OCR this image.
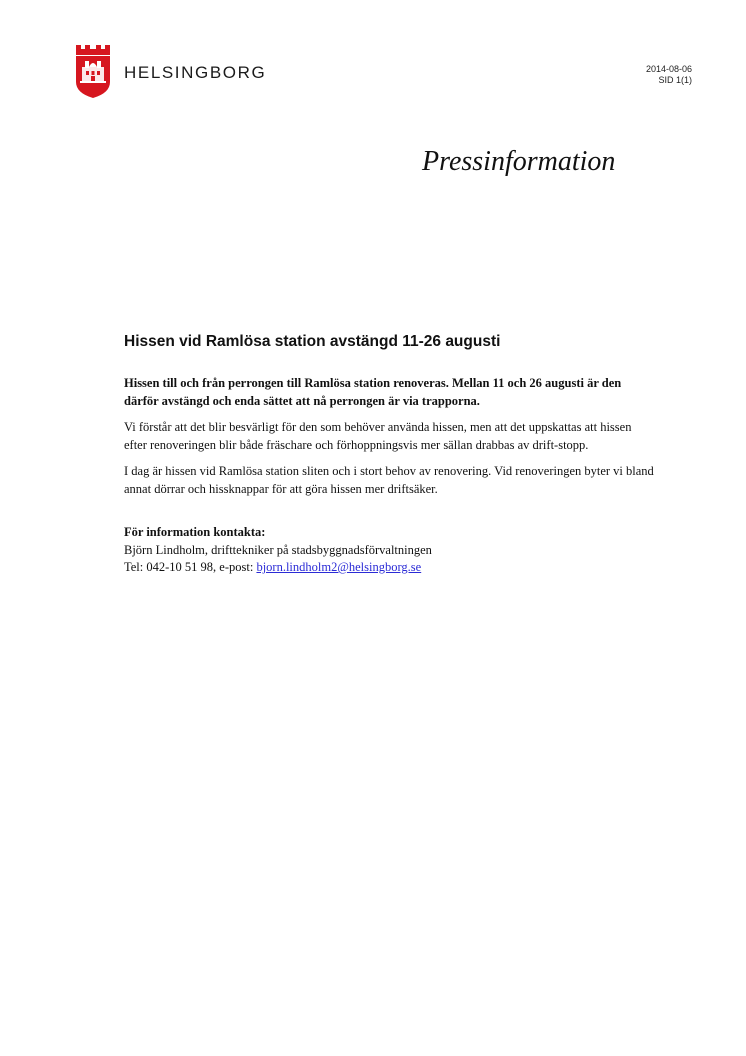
HELSINGBORG	2014-08-06
SID 1(1)
Pressinformation
Hissen vid Ramlösa station avstängd 11-26 augusti

Hissen till och från perrongen till Ramlösa station renoveras. Mellan 11 och 26 augusti är den därför avstängd och enda sättet att nå perrongen är via trapporna.

Vi förstår att det blir besvärligt för den som behöver använda hissen, men att det uppskattas att hissen efter renoveringen blir både fräschare och förhoppningsvis mer sällan drabbas av drift-stopp.

I dag är hissen vid Ramlösa station sliten och i stort behov av renovering. Vid renoveringen byter vi bland annat dörrar och hissknappar för att göra hissen mer driftsäker.

För information kontakta:
Björn Lindholm, drifttekniker på stadsbyggnadsförvaltningen
Tel: 042-10 51 98, e-post: bjorn.lindholm2@helsingborg.se
